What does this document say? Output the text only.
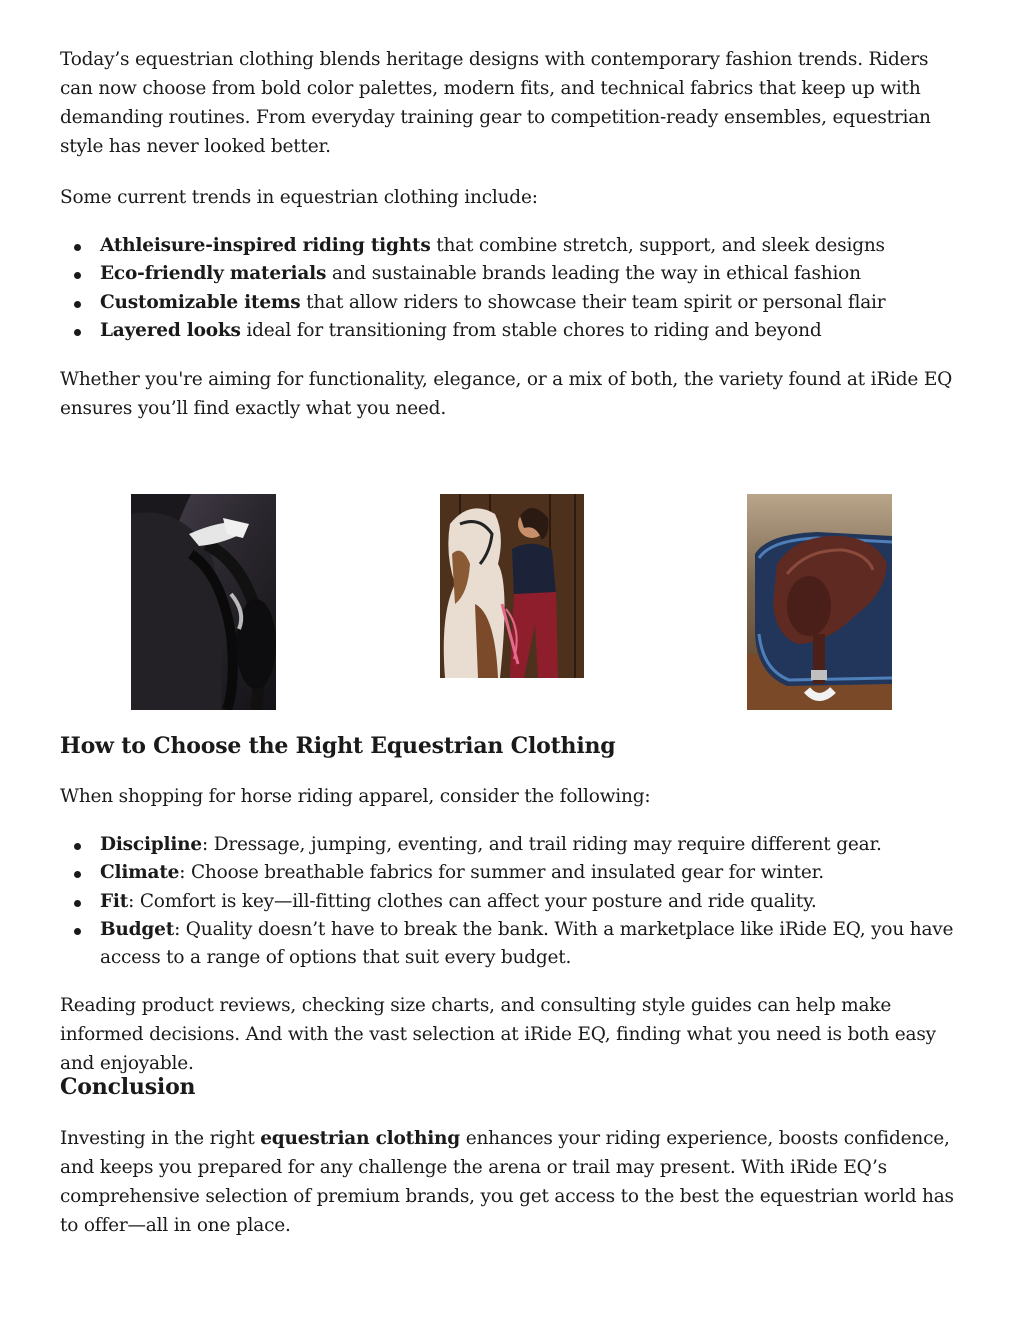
Today’s equestrian clothing blends heritage designs with contemporary fashion trends. Riders can now choose from bold color palettes, modern fits, and technical fabrics that keep up with demanding routines. From everyday training gear to competition-ready ensembles, equestrian style has never looked better.

Some current trends in equestrian clothing include:

Athleisure-inspired riding tights that combine stretch, support, and sleek designs
Eco-friendly materials and sustainable brands leading the way in ethical fashion
Customizable items that allow riders to showcase their team spirit or personal flair
Layered looks ideal for transitioning from stable chores to riding and beyond

Whether you're aiming for functionality, elegance, or a mix of both, the variety found at iRide EQ ensures you’ll find exactly what you need.

How to Choose the Right Equestrian Clothing

When shopping for horse riding apparel, consider the following:

Discipline: Dressage, jumping, eventing, and trail riding may require different gear.
Climate: Choose breathable fabrics for summer and insulated gear for winter.
Fit: Comfort is key—ill-fitting clothes can affect your posture and ride quality.
Budget: Quality doesn’t have to break the bank. With a marketplace like iRide EQ, you have access to a range of options that suit every budget.

Reading product reviews, checking size charts, and consulting style guides can help make informed decisions. And with the vast selection at iRide EQ, finding what you need is both easy and enjoyable.

Conclusion

Investing in the right equestrian clothing enhances your riding experience, boosts confidence, and keeps you prepared for any challenge the arena or trail may present. With iRide EQ’s comprehensive selection of premium brands, you get access to the best the equestrian world has to offer—all in one place.
